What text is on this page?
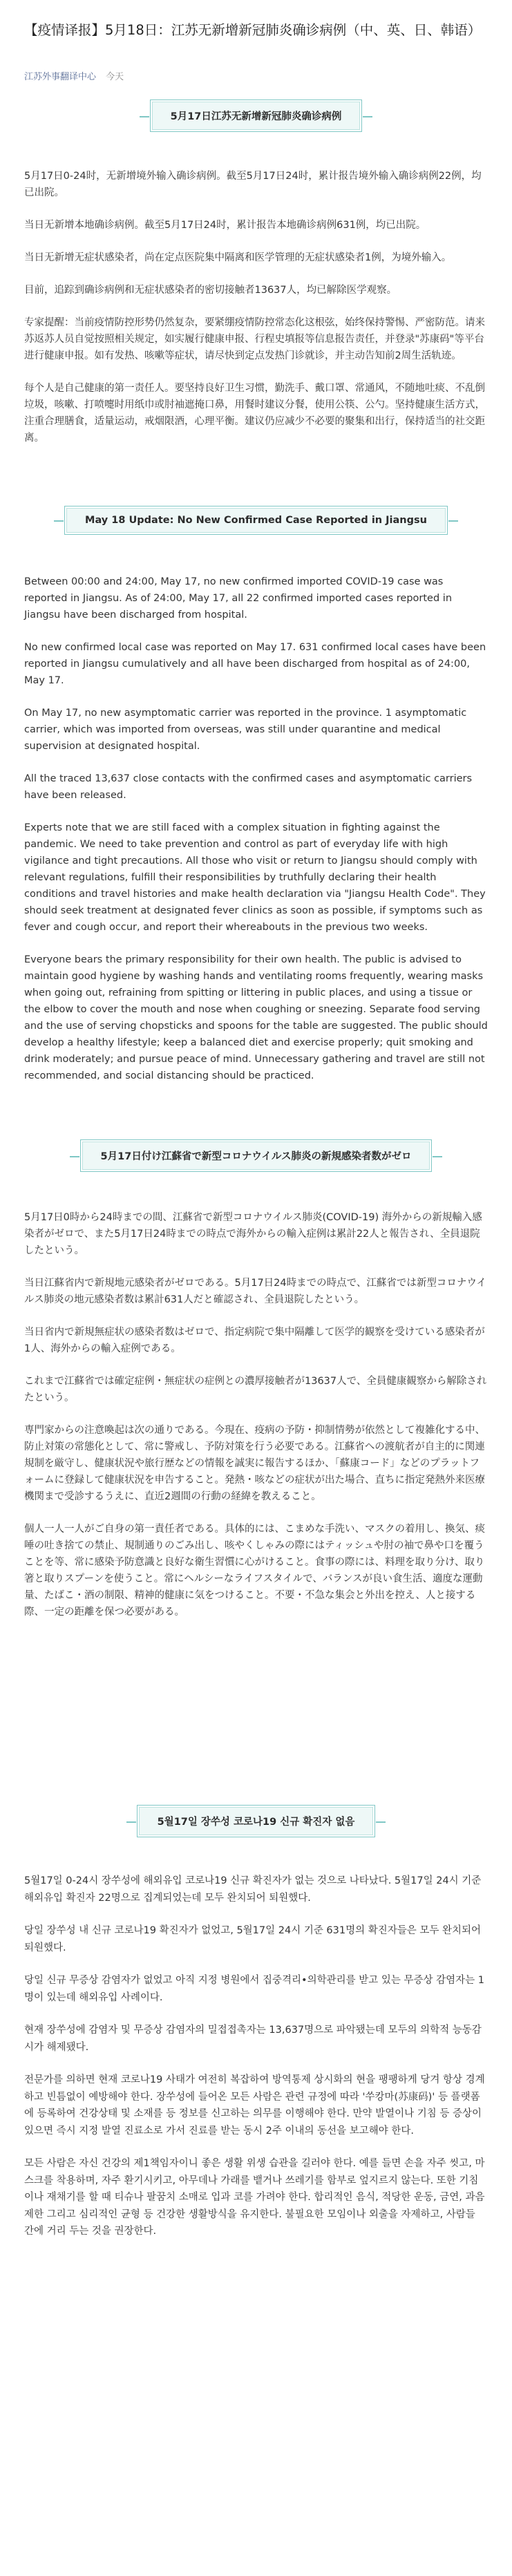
【疫情译报】5月18日：江苏无新增新冠肺炎确诊病例（中、英、日、韩语）
江苏外事翻译中心 今天
5月17日江苏无新增新冠肺炎确诊病例

5月17日0-24时，无新增境外输入确诊病例。截至5月17日24时，累计报告境外输入确诊病例22例，均已出院。

当日无新增本地确诊病例。截至5月17日24时，累计报告本地确诊病例631例，均已出院。

当日无新增无症状感染者，尚在定点医院集中隔离和医学管理的无症状感染者1例，为境外输入。

目前，追踪到确诊病例和无症状感染者的密切接触者13637人，均已解除医学观察。

专家提醒：当前疫情防控形势仍然复杂，要紧绷疫情防控常态化这根弦，始终保持警惕、严密防范。请来苏返苏人员自觉按照相关规定，如实履行健康申报、行程史填报等信息报告责任，并登录"苏康码"等平台进行健康申报。如有发热、咳嗽等症状，请尽快到定点发热门诊就诊，并主动告知前2周生活轨迹。

每个人是自己健康的第一责任人。要坚持良好卫生习惯，勤洗手、戴口罩、常通风，不随地吐痰、不乱倒垃圾，咳嗽、打喷嚏时用纸巾或肘袖遮掩口鼻，用餐时建议分餐，使用公筷、公勺。坚持健康生活方式，注重合理膳食，适量运动，戒烟限酒，心理平衡。建议仍应减少不必要的聚集和出行，保持适当的社交距离。

May 18 Update: No New Confirmed Case Reported in Jiangsu

Between 00:00 and 24:00, May 17, no new confirmed imported COVID-19 case was reported in Jiangsu. As of 24:00, May 17, all 22 confirmed imported cases reported in Jiangsu have been discharged from hospital.

No new confirmed local case was reported on May 17. 631 confirmed local cases have been reported in Jiangsu cumulatively and all have been discharged from hospital as of 24:00, May 17.

On May 17, no new asymptomatic carrier was reported in the province. 1 asymptomatic carrier, which was imported from overseas, was still under quarantine and medical supervision at designated hospital.

All the traced 13,637 close contacts with the confirmed cases and asymptomatic carriers have been released.

Experts note that we are still faced with a complex situation in fighting against the pandemic. We need to take prevention and control as part of everyday life with high vigilance and tight precautions. All those who visit or return to Jiangsu should comply with relevant regulations, fulfill their responsibilities by truthfully declaring their health conditions and travel histories and make health declaration via "Jiangsu Health Code". They should seek treatment at designated fever clinics as soon as possible, if symptoms such as fever and cough occur, and report their whereabouts in the previous two weeks.

Everyone bears the primary responsibility for their own health. The public is advised to maintain good hygiene by washing hands and ventilating rooms frequently, wearing masks when going out, refraining from spitting or littering in public places, and using a tissue or the elbow to cover the mouth and nose when coughing or sneezing. Separate food serving and the use of serving chopsticks and spoons for the table are suggested. The public should develop a healthy lifestyle; keep a balanced diet and exercise properly; quit smoking and drink moderately; and pursue peace of mind. Unnecessary gathering and travel are still not recommended, and social distancing should be practiced.

5月17日付け江蘇省で新型コロナウイルス肺炎の新規感染者数がゼロ

5月17日0時から24時までの間、江蘇省で新型コロナウイルス肺炎(COVID-19) 海外からの新規輸入感染者がゼロで、また5月17日24時までの時点で海外からの輸入症例は累計22人と報告され、全員退院したという。

当日江蘇省内で新規地元感染者がゼロである。5月17日24時までの時点で、江蘇省では新型コロナウイルス肺炎の地元感染者数は累計631人だと確認され、全員退院したという。

当日省内で新規無症状の感染者数はゼロで、指定病院で集中隔離して医学的観察を受けている感染者が1人、海外からの輸入症例である。

これまで江蘇省では確定症例・無症状の症例との濃厚接触者が13637人で、全員健康観察から解除されたという。

専門家からの注意喚起は次の通りである。今現在、疫病の予防・抑制情勢が依然として複雑化する中、防止対策の常態化として、常に警戒し、予防対策を行う必要である。江蘇省への渡航者が自主的に関連規制を厳守し、健康状況や旅行歴などの情報を誠実に報告するほか、「蘇康コード」などのプラットフォームに登録して健康状況を申告すること。発熱・咳などの症状が出た場合、直ちに指定発熱外来医療機関まで受診するうえに、直近2週間の行動の経緯を教えること。

個人一人一人がご自身の第一責任者である。具体的には、こまめな手洗い、マスクの着用し、換気、痰唾の吐き捨ての禁止、規制通りのごみ出し、咳やくしゃみの際にはティッシュや肘の袖で鼻や口を覆うことを等、常に感染予防意識と良好な衛生習慣に心がけること。食事の際には、料理を取り分け、取り箸と取りスプーンを使うこと。常にヘルシーなライフスタイルで、バランスが良い食生活、適度な運動量、たばこ・酒の制限、精神的健康に気をつけること。不要・不急な集会と外出を控え、人と接する際、一定の距離を保つ必要がある。

5월17일 장쑤성 코로나19 신규 확진자 없음

5월17일 0-24시 장쑤성에 해외유입 코로나19 신규 확진자가 없는 것으로 나타났다. 5월17일 24시 기준 해외유입 확진자 22명으로 집계되었는데 모두 완치되어 퇴원했다.

당일 장쑤성 내 신규 코로나19 확진자가 없었고, 5월17일 24시 기준 631명의 확진자들은 모두 완치되어 퇴원했다.

당일 신규 무증상 감염자가 없었고 아직 지정 병원에서 집중격리•의학관리를 받고 있는 무증상 감염자는 1명이 있는데 해외유입 사례이다.

현재 장쑤성에 감염자 및 무증상 감염자의 밀접접촉자는 13,637명으로 파악됐는데 모두의 의학적 능동감시가 해제됐다.

전문가를 의하면 현재 코로나19 사태가 여전히 복잡하여 방역통제 상시화의 현을 팽팽하게 당겨 항상 경계하고 빈틈없이 예방해야 한다. 장쑤성에 들어온 모든 사람은 관련 규정에 따라 '쑤캉마(苏康码)' 등 플랫폼에 등록하여 건강상태 및 소재를 등 정보를 신고하는 의무를 이행해야 한다. 만약 발열이나 기침 등 증상이 있으면 즉시 지정 발열 진료소로 가서 진료를 받는 동시 2주 이내의 동선을 보고해야 한다.

모든 사람은 자신 건강의 제1책임자이니 좋은 생활 위생 습관을 길러야 한다. 예를 들면 손을 자주 씻고, 마스크를 착용하며, 자주 환기시키고, 아무데나 가래를 뱉거나 쓰레기를 함부로 엎지르지 않는다. 또한 기침이나 재채기를 할 때 티슈나 팔꿈치 소매로 입과 코를 가려야 한다. 합리적인 음식, 적당한 운동, 금연, 과음 제한 그리고 심리적인 균형 등 건강한 생활방식을 유지한다. 불필요한 모임이나 외출을 자제하고, 사람들 간에 거리 두는 것을 권장한다.
